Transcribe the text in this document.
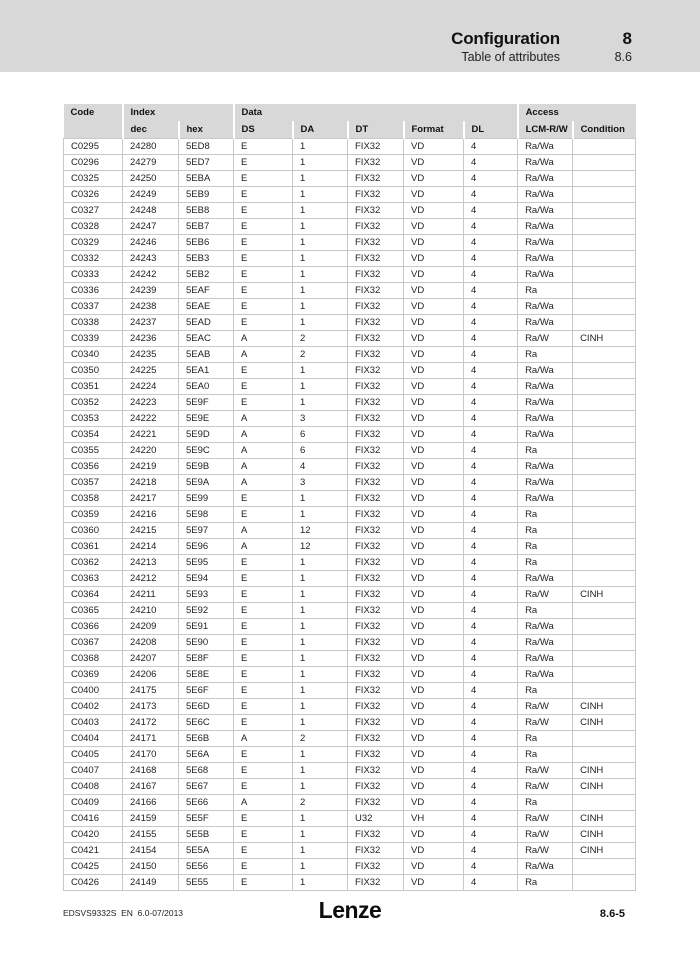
Configuration
Table of attributes
8
8.6
Code	Index		Data					Access	
	dec	hex	DS	DA	DT	Format	DL	LCM-R/W	Condition
C0295	24280	5ED8	E	1	FIX32	VD	4	Ra/Wa	
C0296	24279	5ED7	E	1	FIX32	VD	4	Ra/Wa	
C0325	24250	5EBA	E	1	FIX32	VD	4	Ra/Wa	
C0326	24249	5EB9	E	1	FIX32	VD	4	Ra/Wa	
C0327	24248	5EB8	E	1	FIX32	VD	4	Ra/Wa	
C0328	24247	5EB7	E	1	FIX32	VD	4	Ra/Wa	
C0329	24246	5EB6	E	1	FIX32	VD	4	Ra/Wa	
C0332	24243	5EB3	E	1	FIX32	VD	4	Ra/Wa	
C0333	24242	5EB2	E	1	FIX32	VD	4	Ra/Wa	
C0336	24239	5EAF	E	1	FIX32	VD	4	Ra	
C0337	24238	5EAE	E	1	FIX32	VD	4	Ra/Wa	
C0338	24237	5EAD	E	1	FIX32	VD	4	Ra/Wa	
C0339	24236	5EAC	A	2	FIX32	VD	4	Ra/W	CINH
C0340	24235	5EAB	A	2	FIX32	VD	4	Ra	
C0350	24225	5EA1	E	1	FIX32	VD	4	Ra/Wa	
C0351	24224	5EA0	E	1	FIX32	VD	4	Ra/Wa	
C0352	24223	5E9F	E	1	FIX32	VD	4	Ra/Wa	
C0353	24222	5E9E	A	3	FIX32	VD	4	Ra/Wa	
C0354	24221	5E9D	A	6	FIX32	VD	4	Ra/Wa	
C0355	24220	5E9C	A	6	FIX32	VD	4	Ra	
C0356	24219	5E9B	A	4	FIX32	VD	4	Ra/Wa	
C0357	24218	5E9A	A	3	FIX32	VD	4	Ra/Wa	
C0358	24217	5E99	E	1	FIX32	VD	4	Ra/Wa	
C0359	24216	5E98	E	1	FIX32	VD	4	Ra	
C0360	24215	5E97	A	12	FIX32	VD	4	Ra	
C0361	24214	5E96	A	12	FIX32	VD	4	Ra	
C0362	24213	5E95	E	1	FIX32	VD	4	Ra	
C0363	24212	5E94	E	1	FIX32	VD	4	Ra/Wa	
C0364	24211	5E93	E	1	FIX32	VD	4	Ra/W	CINH
C0365	24210	5E92	E	1	FIX32	VD	4	Ra	
C0366	24209	5E91	E	1	FIX32	VD	4	Ra/Wa	
C0367	24208	5E90	E	1	FIX32	VD	4	Ra/Wa	
C0368	24207	5E8F	E	1	FIX32	VD	4	Ra/Wa	
C0369	24206	5E8E	E	1	FIX32	VD	4	Ra/Wa	
C0400	24175	5E6F	E	1	FIX32	VD	4	Ra	
C0402	24173	5E6D	E	1	FIX32	VD	4	Ra/W	CINH
C0403	24172	5E6C	E	1	FIX32	VD	4	Ra/W	CINH
C0404	24171	5E6B	A	2	FIX32	VD	4	Ra	
C0405	24170	5E6A	E	1	FIX32	VD	4	Ra	
C0407	24168	5E68	E	1	FIX32	VD	4	Ra/W	CINH
C0408	24167	5E67	E	1	FIX32	VD	4	Ra/W	CINH
C0409	24166	5E66	A	2	FIX32	VD	4	Ra	
C0416	24159	5E5F	E	1	U32	VH	4	Ra/W	CINH
C0420	24155	5E5B	E	1	FIX32	VD	4	Ra/W	CINH
C0421	24154	5E5A	E	1	FIX32	VD	4	Ra/W	CINH
C0425	24150	5E56	E	1	FIX32	VD	4	Ra/Wa	
C0426	24149	5E55	E	1	FIX32	VD	4	Ra	
EDSVS9332S  EN  6.0-07/2013	Lenze	8.6-5
